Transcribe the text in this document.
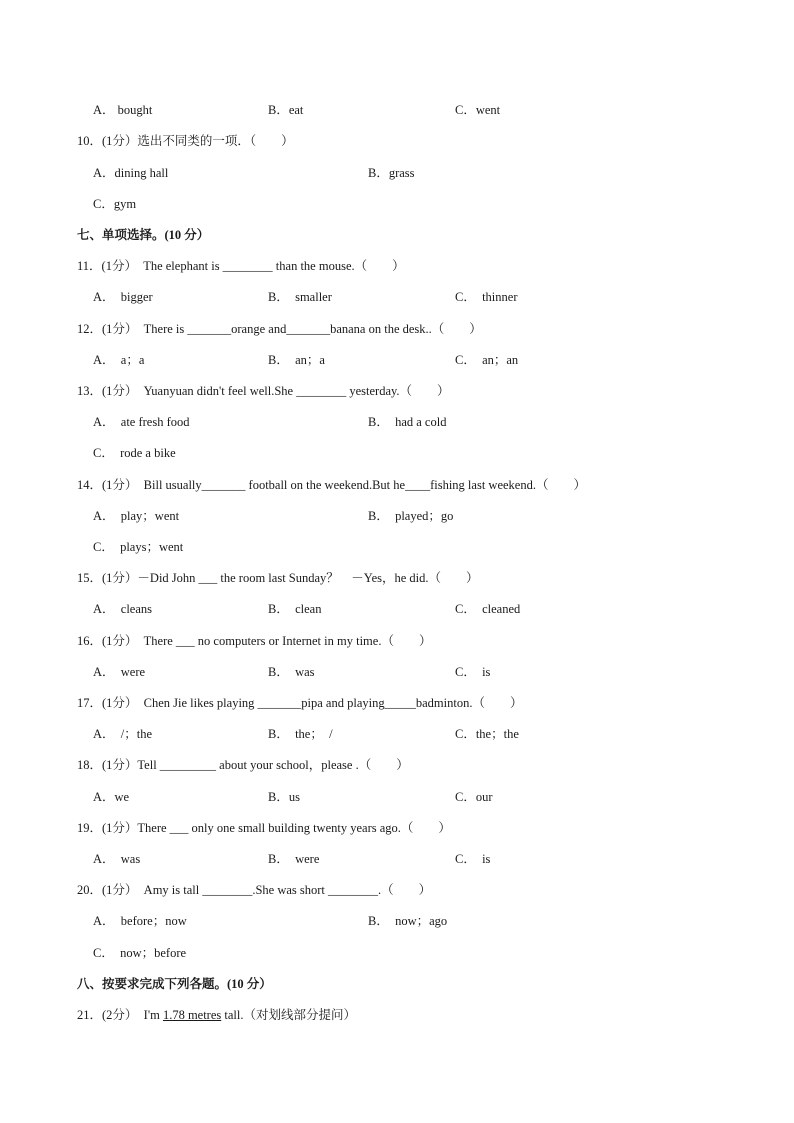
A． bought	B．eat	C．went
10．(1分）选出不同类的一项．（　　）
A．dining hall	B．grass
C．gym
七、单项选择。(10 分）
11．(1分）　The elephant is ________ than the mouse.（　　）
A．　bigger	B．　smaller	C．　thinner
12．(1分）　There is _______orange and_______banana on the desk..（　　）
A．　a；a	B．　an；a	C．　an；an
13．(1分）　Yuanyuan didn't feel well.She ________ yesterday.（　　）
A．　ate fresh food	B．　had a cold
C．　rode a bike
14．(1分）　Bill usually_______ football on the weekend.But he____fishing last weekend.（　　）
A．　play；went	B．　played；go
C．　plays；went
15．(1分）－Did John ___ the room last Sunday？　－Yes，he did.（　　）
A．　cleans	B．　clean	C．　cleaned
16．(1分）　There ___ no computers or Internet in my time.（　　）
A．　were	B．　was	C．　is
17．(1分）　Chen Jie likes playing _______pipa and playing_____badminton.（　　）
A．　/；the	B．　the；　/	C．the；the
18．(1分）Tell _________ about your school，please .（　　）
A．we	B．us	C．our
19．(1分）There ___ only one small building twenty years ago.（　　）
A．　was	B．　were	C．　is
20．(1分）　Amy is tall ________.She was short ________.（　　）
A．　before；now	B．　now；ago
C．　now；before
八、按要求完成下列各题。(10 分）
21．(2分）　I'm 1.78 metres tall.（对划线部分提问）
